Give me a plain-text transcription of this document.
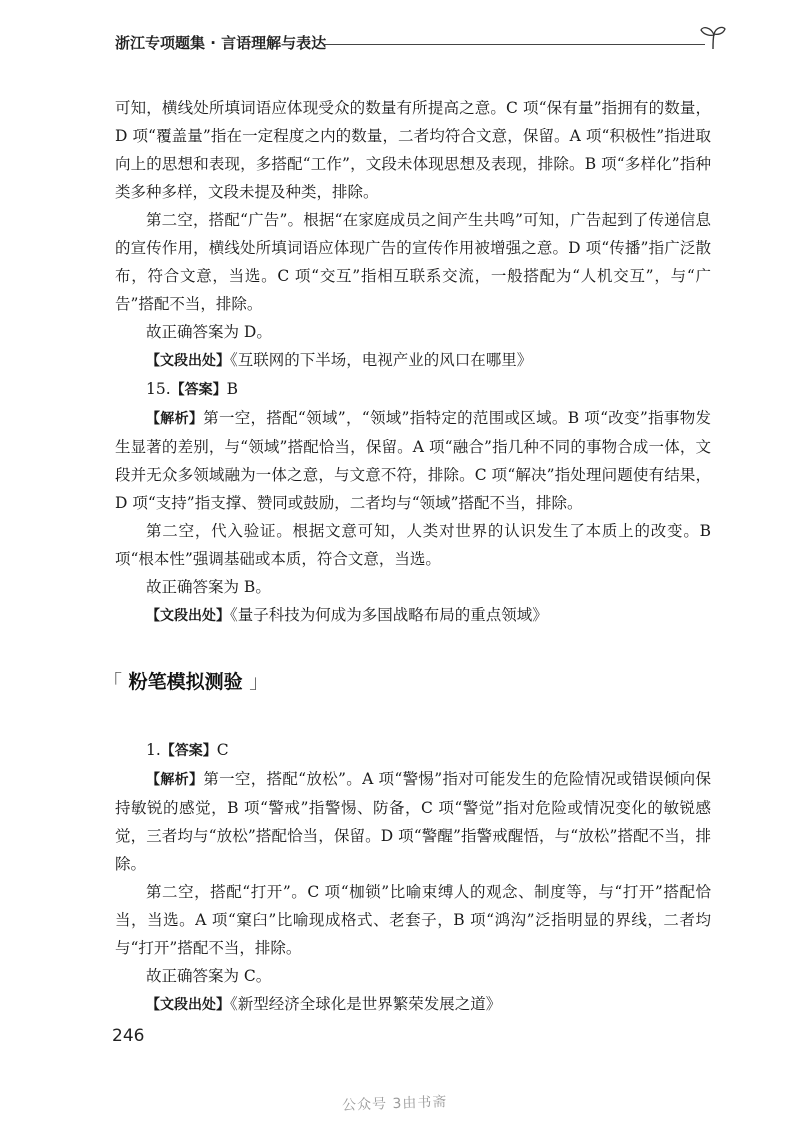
浙江专项题集 · 言语理解与表达

可知，横线处所填词语应体现受众的数量有所提高之意。C 项“保有量”指拥有的数量，D 项“覆盖量”指在一定程度之内的数量，二者均符合文意，保留。A 项“积极性”指进取向上的思想和表现，多搭配“工作”，文段未体现思想及表现，排除。B 项“多样化”指种类多种多样，文段未提及种类，排除。

第二空，搭配“广告”。根据“在家庭成员之间产生共鸣”可知，广告起到了传递信息的宣传作用，横线处所填词语应体现广告的宣传作用被增强之意。D 项“传播”指广泛散布，符合文意，当选。C 项“交互”指相互联系交流，一般搭配为“人机交互”，与“广告”搭配不当，排除。

故正确答案为 D。

【文段出处】《互联网的下半场，电视产业的风口在哪里》

15.【答案】B

【解析】第一空，搭配“领域”，“领域”指特定的范围或区域。B 项“改变”指事物发生显著的差别，与“领域”搭配恰当，保留。A 项“融合”指几种不同的事物合成一体，文段并无众多领域融为一体之意，与文意不符，排除。C 项“解决”指处理问题使有结果，D 项“支持”指支撑、赞同或鼓励，二者均与“领域”搭配不当，排除。

第二空，代入验证。根据文意可知，人类对世界的认识发生了本质上的改变。B 项“根本性”强调基础或本质，符合文意，当选。

故正确答案为 B。

【文段出处】《量子科技为何成为多国战略布局的重点领域》

「 粉笔模拟测验 」

1.【答案】C

【解析】第一空，搭配“放松”。A 项“警惕”指对可能发生的危险情况或错误倾向保持敏锐的感觉，B 项“警戒”指警惕、防备，C 项“警觉”指对危险或情况变化的敏锐感觉，三者均与“放松”搭配恰当，保留。D 项“警醒”指警戒醒悟，与“放松”搭配不当，排除。

第二空，搭配“打开”。C 项“枷锁”比喻束缚人的观念、制度等，与“打开”搭配恰当，当选。A 项“窠臼”比喻现成格式、老套子，B 项“鸿沟”泛指明显的界线，二者均与“打开”搭配不当，排除。

故正确答案为 C。

【文段出处】《新型经济全球化是世界繁荣发展之道》

246
公众号 3由书斋
